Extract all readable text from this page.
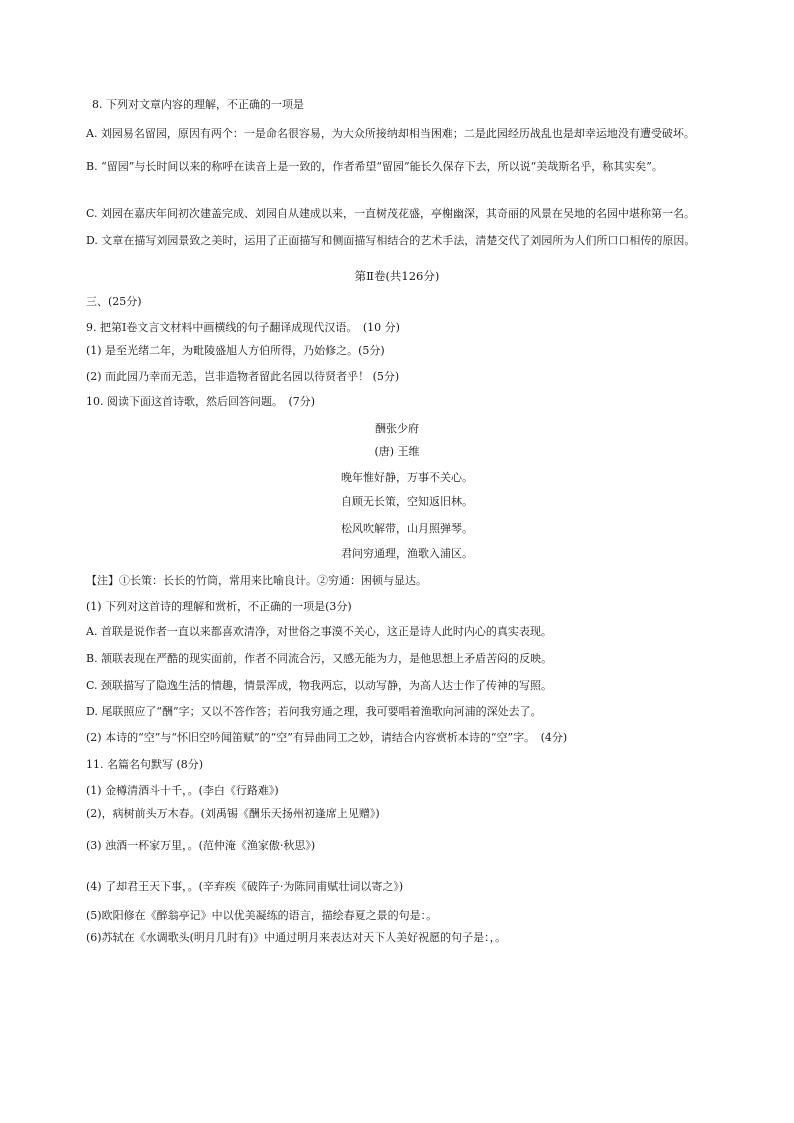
8. 下列对文章内容的理解，不正确的一项是

A. 刘园易名留园，原因有两个：一是命名很容易，为大众所接纳却相当困难；二是此园经历战乱也是却幸运地没有遭受破坏。

B. “留园”与长时间以来的称呼在读音上是一致的，作者希望“留园”能长久保存下去，所以说“美哉斯名乎，称其实矣”。

C. 刘园在嘉庆年间初次建盖完成、刘园自从建成以来，一直树茂花盛，亭榭幽深，其奇丽的风景在吴地的名园中堪称第一名。

D. 文章在描写刘园景致之美时，运用了正面描写和侧面描写相结合的艺术手法，清楚交代了刘园所为人们所口口相传的原因。

第Ⅱ卷(共126分)

三、(25分)

9. 把第Ⅰ卷文言文材料中画横线的句子翻译成现代汉语。　(10 分)

(1) 是至光绪二年，为毗陵盛旭人方伯所得，乃始修之。(5分)

(2) 而此园乃幸而无恙，岂非造物者留此名园以待贤者乎！ (5分)

10. 阅读下面这首诗歌，然后回答问题。　(7分)

酬张少府

(唐) 王维

晚年惟好静，万事不关心。

自顾无长策，空知返旧林。

松风吹解带，山月照弹琴。

君问穷通理，渔歌入浦区。

【注】①长策：长长的竹筒，常用来比喻良计。②穷通：困顿与显达。

(1) 下列对这首诗的理解和赏析，不正确的一项是(3分)

A. 首联是说作者一直以来都喜欢清净，对世俗之事漠不关心，这正是诗人此时内心的真实表现。

B. 颔联表现在严酷的现实面前，作者不同流合污，又感无能为力，是他思想上矛盾苦闷的反映。

C. 颈联描写了隐逸生活的情趣，情景浑成，物我两忘，以动写静，为高人达士作了传神的写照。

D. 尾联照应了“酬”字；又以不答作答；若问我穷通之理，我可要唱着渔歌向河浦的深处去了。

(2) 本诗的“空”与“怀旧空吟闻笛赋”的“空”有异曲同工之妙，请结合内容赏析本诗的“空”字。　(4分)

11. 名篇名句默写 (8分)

(1) 金樽清酒斗十千，。(李白《行路难》)

(2)，病树前头万木春。(刘禹锡《酬乐天扬州初逢席上见赠》)

(3) 浊酒一杯家万里，。(范仲淹《渔家傲·秋思》)

(4) 了却君王天下事，。(辛弃疾《破阵子·为陈同甫赋壮词以寄之》)

(5)欧阳修在《醉翁亭记》中以优美凝练的语言，描绘春夏之景的句是：。

(6)苏轼在《水调歌头(明月几时有)》中通过明月来表达对天下人美好祝愿的句子是：，。
